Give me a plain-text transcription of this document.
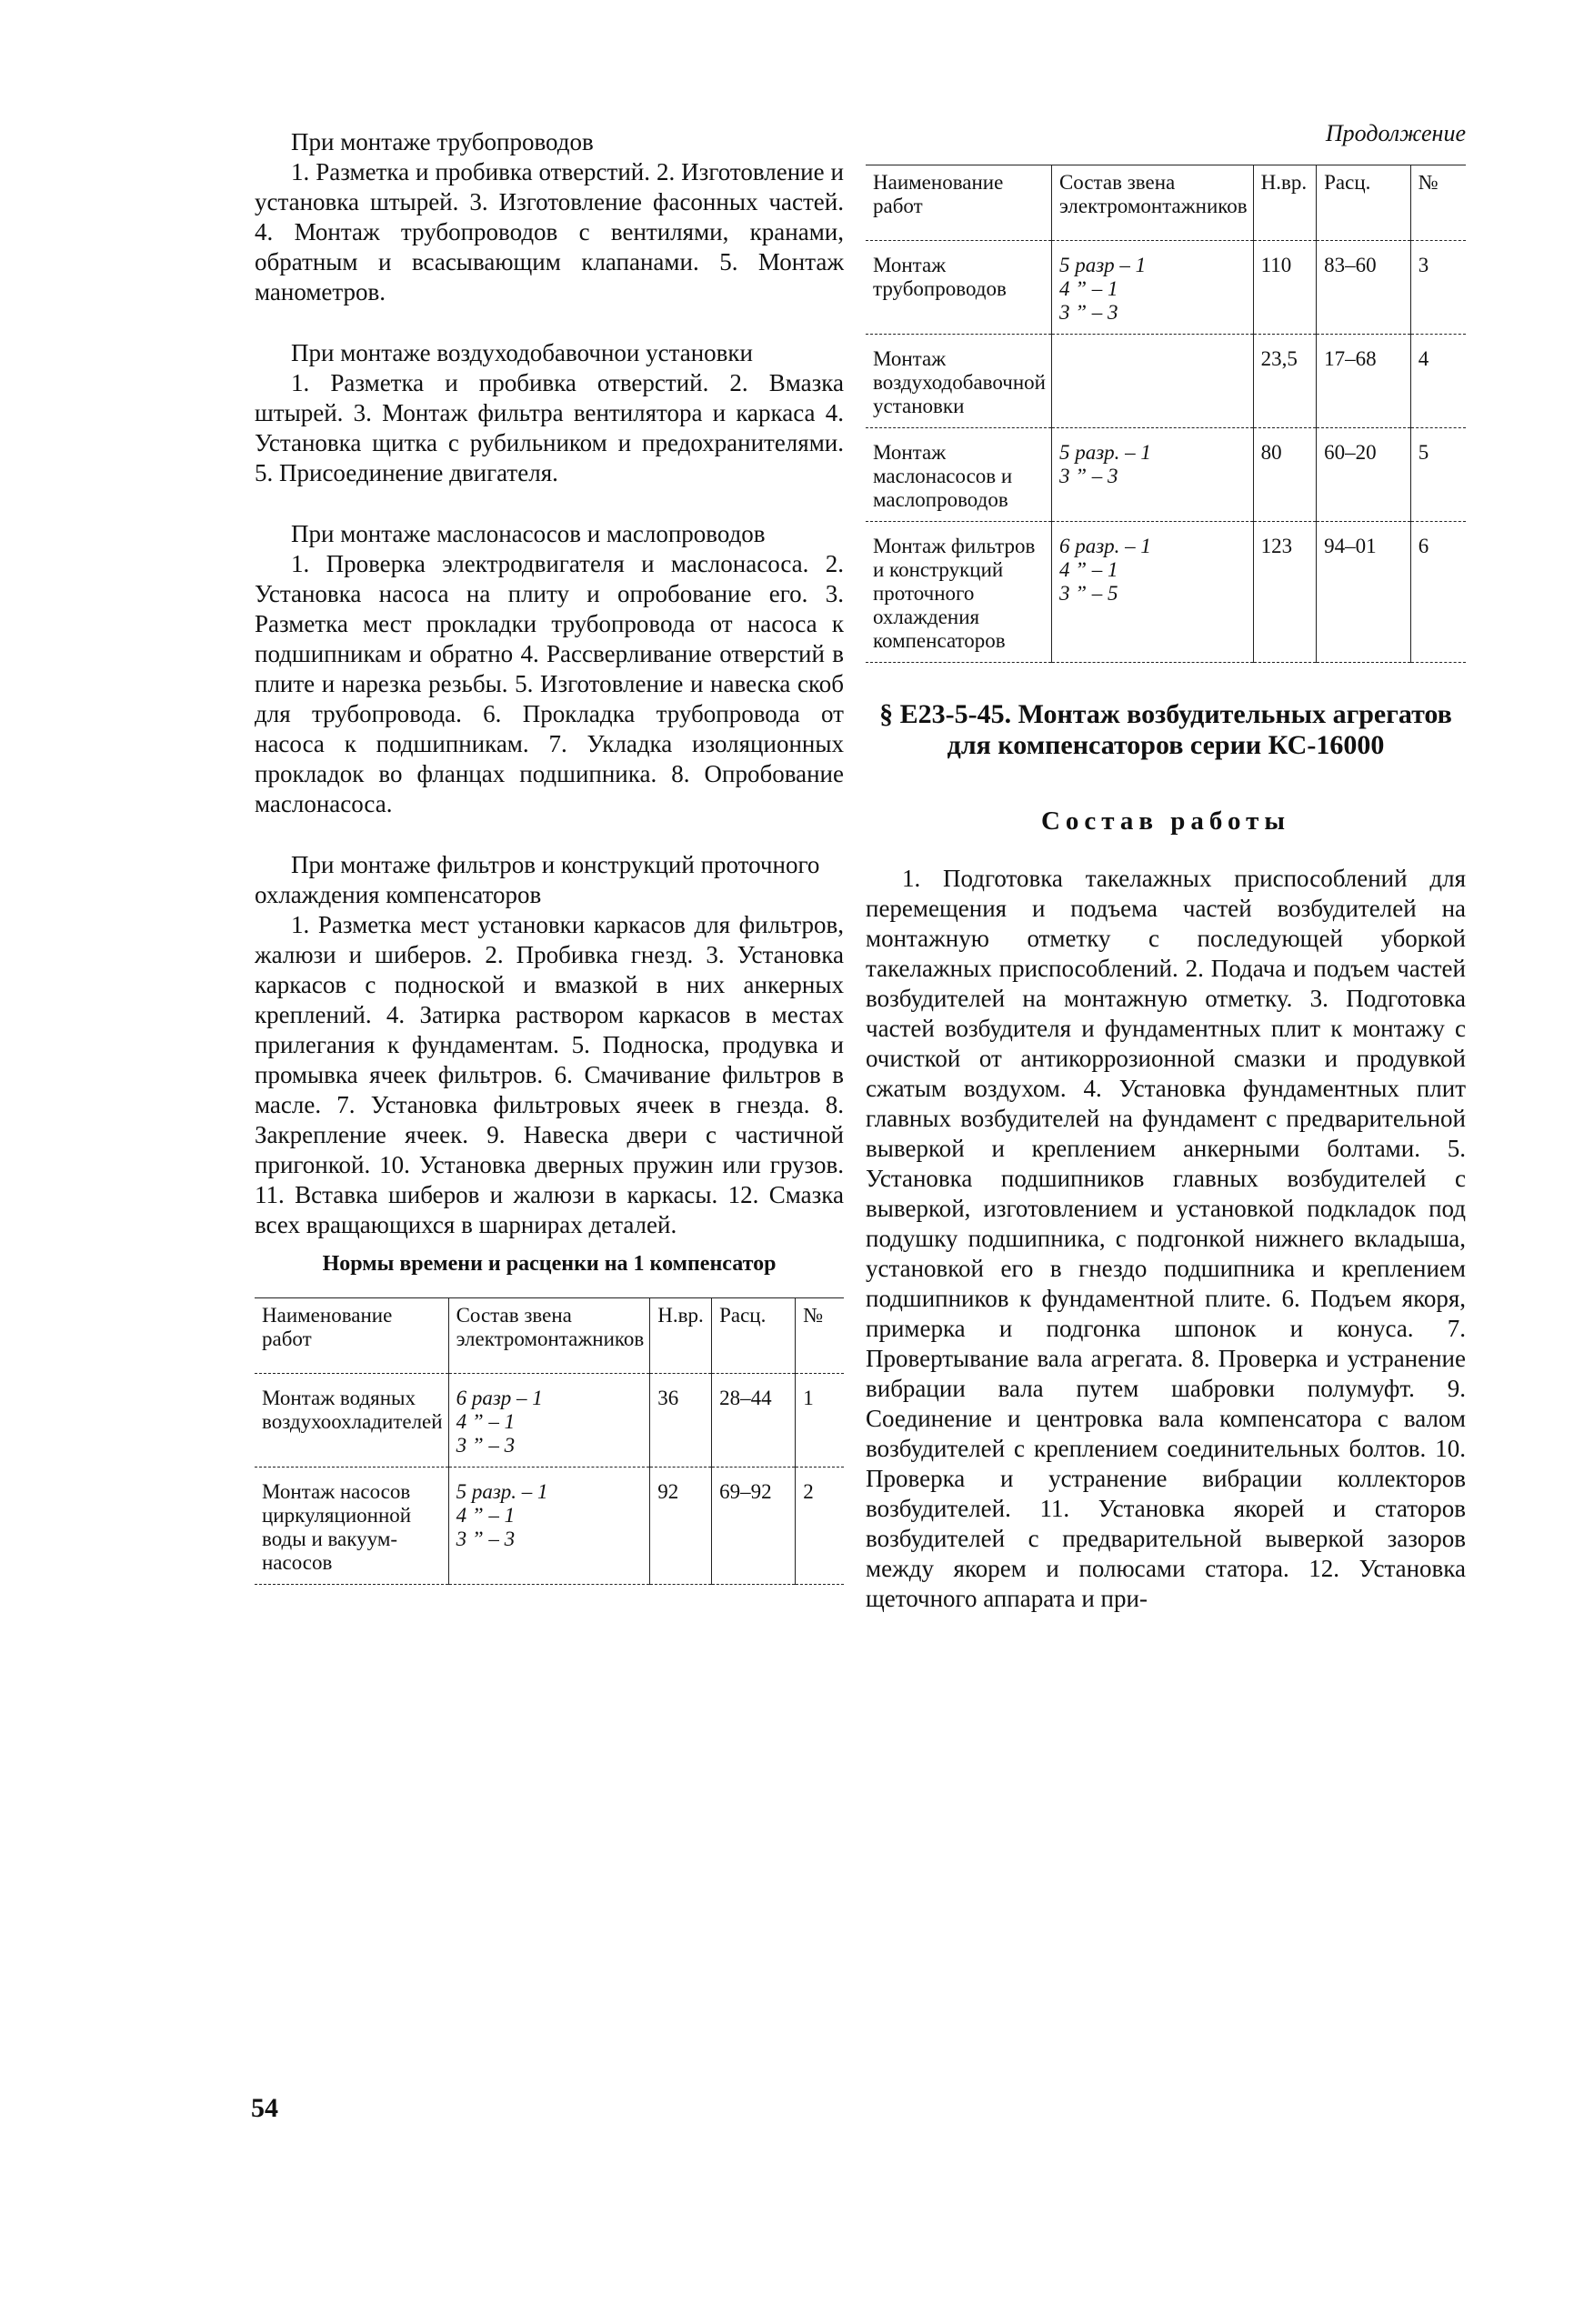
При монтаже трубопроводов

1. Разметка и пробивка отверстий. 2. Изготовление и установка штырей. 3. Изготовление фасонных частей. 4. Монтаж трубопроводов с вентилями, кранами, обратным и всасывающим клапанами. 5. Монтаж манометров.

При монтаже воздуходобавочнои установки

1. Разметка и пробивка отверстий. 2. Вмазка штырей. 3. Монтаж фильтра вентилятора и каркаса 4. Установка щитка с рубильником и предохранителями. 5. Присоединение двигателя.

При монтаже маслонасосов и маслопроводов

1. Проверка электродвигателя и маслонасоса. 2. Установка насоса на плиту и опробование его. 3. Разметка мест прокладки трубопровода от насоса к подшипникам и обратно 4. Рассверливание отверстий в плите и нарезка резьбы. 5. Изготовление и навеска скоб для трубопровода. 6. Прокладка трубопровода от насоса к подшипникам. 7. Укладка изоляционных прокладок во фланцах подшипника. 8. Опробование маслонасоса.

При монтаже фильтров и конструкций проточного охлаждения компенсаторов

1. Разметка мест установки каркасов для фильтров, жалюзи и шиберов. 2. Пробивка гнезд. 3. Установка каркасов с подноской и вмазкой в них анкерных креплений. 4. Затирка раствором каркасов в местах прилегания к фундаментам. 5. Подноска, продувка и промывка ячеек фильтров. 6. Смачивание фильтров в масле. 7. Установка фильтровых ячеек в гнезда. 8. Закрепление ячеек. 9. Навеска двери с частичной пригонкой. 10. Установка дверных пружин или грузов. 11. Вставка шиберов и жалюзи в каркасы. 12. Смазка всех вращающихся в шарнирах деталей.

Нормы времени и расценки на 1 компенсатор
Наименование работ	Состав звена электромонтажников	Н.вр.	Расц.	№
Монтаж водяных воздухоохладителей	6 разр – 1
4 ” – 1
3 ” – 3	36	28–44	1
Монтаж насосов циркуляционной воды и вакуум-насосов	5 разр. – 1
4 ” – 1
3 ” – 3	92	69–92	2
Продолжение
Наименование работ	Состав звена электромонтажников	Н.вр.	Расц.	№
Монтаж трубопроводов	5 разр – 1
4 ” – 1
3 ” – 3	110	83–60	3
Монтаж воздуходобавочной установки		23,5	17–68	4
Монтаж маслонасосов и маслопроводов	5 разр. – 1
3 ” – 3	80	60–20	5
Монтаж фильтров и конструкций проточного охлаждения компенсаторов	6 разр. – 1
4 ” – 1
3 ” – 5	123	94–01	6
§ Е23-5-45. Монтаж возбудительных агрегатов для компенсаторов серии КС-16000
Состав работы

1. Подготовка такелажных приспособлений для перемещения и подъема частей возбудителей на монтажную отметку с последующей уборкой такелажных приспособлений. 2. Подача и подъем частей возбудителей на монтажную отметку. 3. Подготовка частей возбудителя и фундаментных плит к монтажу с очисткой от антикоррозионной смазки и продувкой сжатым воздухом. 4. Установка фундаментных плит главных возбудителей на фундамент с предварительной выверкой и креплением анкерными болтами. 5. Установка подшипников главных возбудителей с выверкой, изготовлением и установкой подкладок под подушку подшипника, с подгонкой нижнего вкладыша, установкой его в гнездо подшипника и креплением подшипников к фундаментной плите. 6. Подъем якоря, примерка и подгонка шпонок и конуса. 7. Провертывание вала агрегата. 8. Проверка и устранение вибрации вала путем шабровки полумуфт. 9. Соединение и центровка вала компенсатора с валом возбудителей с креплением соединительных болтов. 10. Проверка и устранение вибрации коллекторов возбудителей. 11. Установка якорей и статоров возбудителей с предварительной выверкой зазоров между якорем и полюсами статора. 12. Установка щеточного аппарата и при-

54
